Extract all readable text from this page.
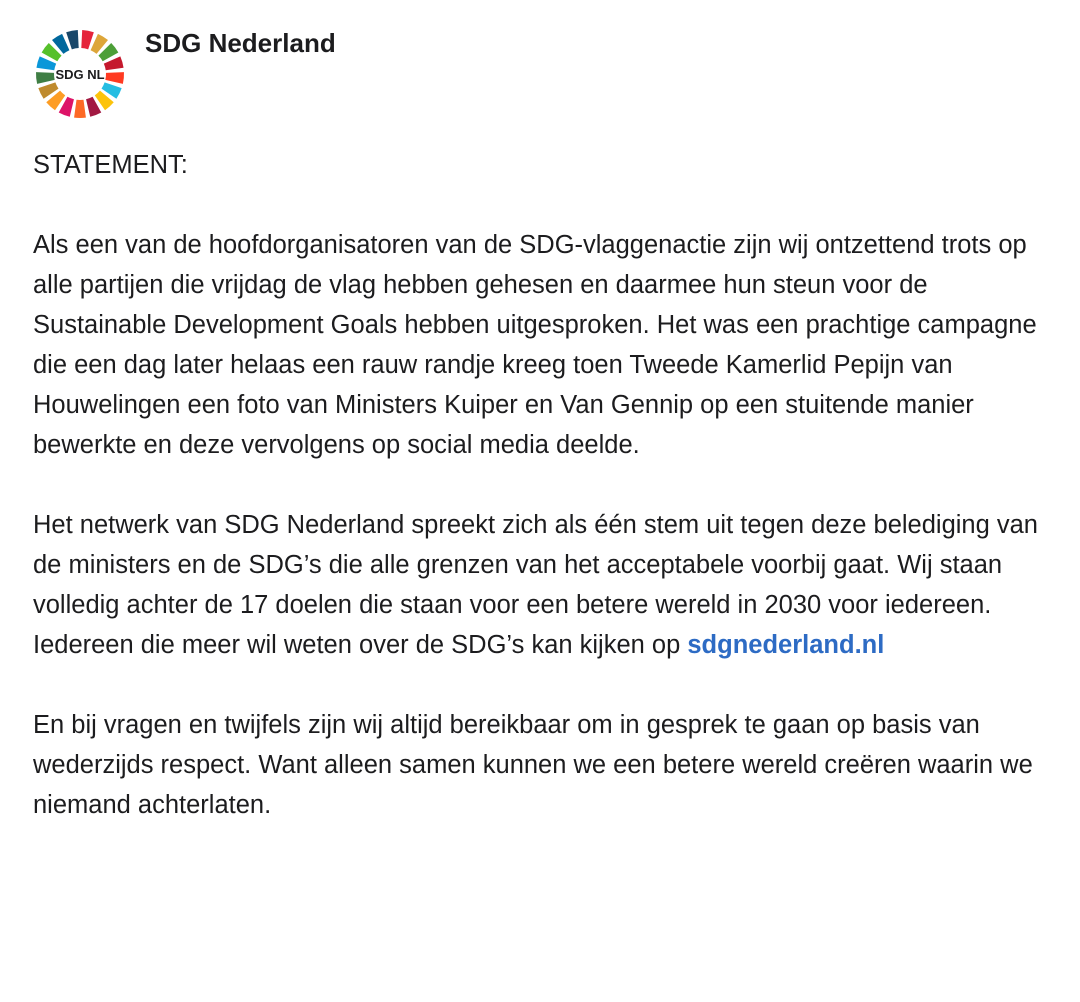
SDG NL
SDG Nederland

STATEMENT:

Als een van de hoofdorganisatoren van de SDG-vlaggenactie zijn wij ontzettend trots op alle partijen die vrijdag de vlag hebben gehesen en daarmee hun steun voor de Sustainable Development Goals hebben uitgesproken. Het was een prachtige campagne die een dag later helaas een rauw randje kreeg toen Tweede Kamerlid Pepijn van Houwelingen een foto van Ministers Kuiper en Van Gennip op een stuitende manier bewerkte en deze vervolgens op social media deelde.

Het netwerk van SDG Nederland spreekt zich als één stem uit tegen deze belediging van de ministers en de SDG’s die alle grenzen van het acceptabele voorbij gaat. Wij staan volledig achter de 17 doelen die staan voor een betere wereld in 2030 voor iedereen. Iedereen die meer wil weten over de SDG’s kan kijken op sdgnederland.nl

En bij vragen en twijfels zijn wij altijd bereikbaar om in gesprek te gaan op basis van wederzijds respect. Want alleen samen kunnen we een betere wereld creëren waarin we niemand achterlaten.
